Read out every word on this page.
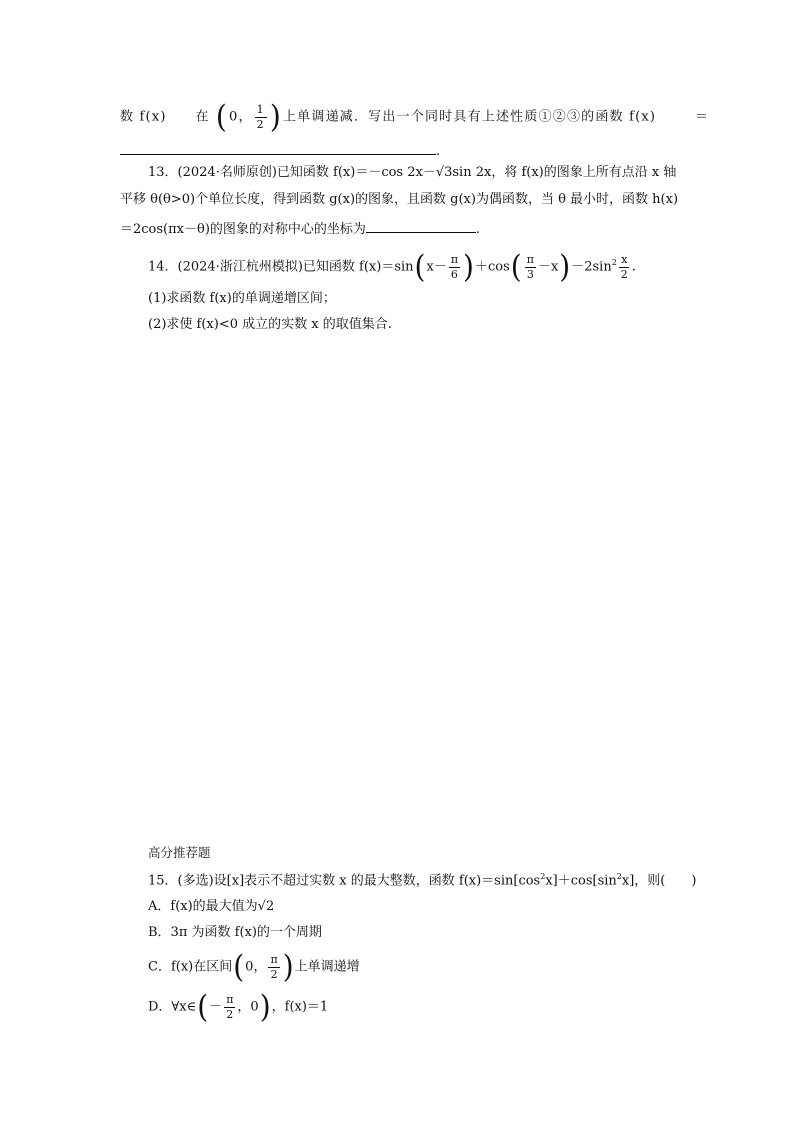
数 f(x) 在 (0， $\frac{1}{2}$ )上单调递减．写出一个同时具有上述性质①②③的函数 f(x)	＝
.
13．(2024·名师原创)已知函数 f(x)＝－cos 2x－√3sin 2x，将 f(x)的图象上所有点沿 x 轴
平移 θ(θ>0)个单位长度，得到函数 g(x)的图象，且函数 g(x)为偶函数，当 θ 最小时，函数 h(x)
＝2cos(πx－θ)的图象的对称中心的坐标为	.
14．(2024·浙江杭州模拟)已知函数 $f(x)=\sin(x- \frac{\pi}{6} )+\cos( \frac{\pi}{3} -x)-2\sin^2 \frac{x}{2}$ .
(1)求函数 f(x)的单调递增区间；
(2)求使 f(x)<0 成立的实数 x 的取值集合.
高分推荐题
15．(多选)设[x]表示不超过实数 x 的最大整数，函数 $f(x)=\sin[\cos^2x]+\cos[\sin^2x]$，则( )
A．f(x)的最大值为√2
B．3π 为函数 f(x)的一个周期
C．f(x)在区间(0， $\frac{\pi}{2}$ )上单调递增
D．∀x∈(－ $\frac{\pi}{2}$ ，0)，f(x)＝1
